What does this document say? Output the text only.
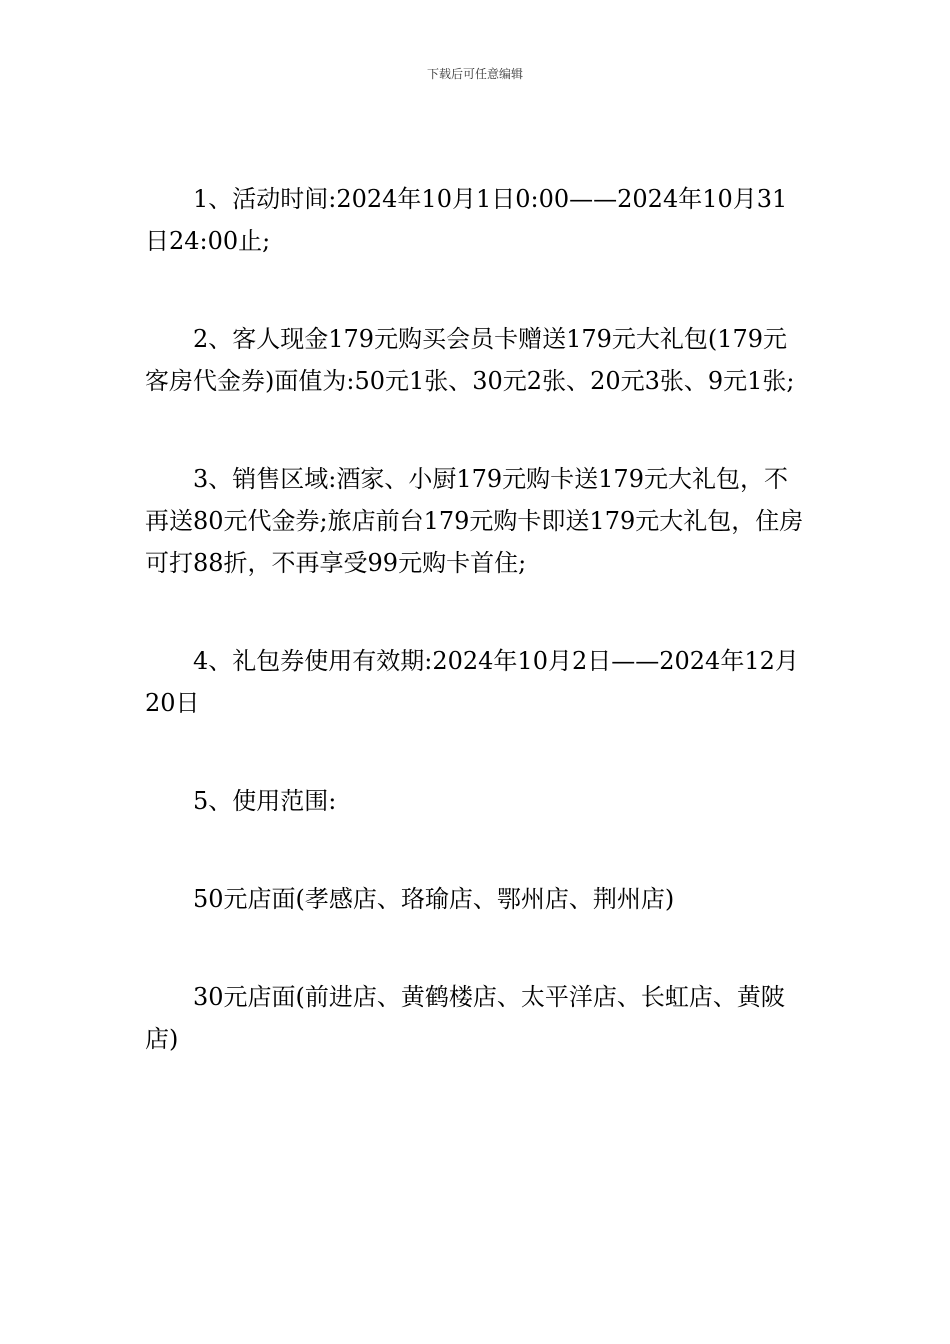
下载后可任意编辑

1、活动时间:2024年10月1日0:00——2024年10月31日24:00止;

2、客人现金179元购买会员卡赠送179元大礼包(179元客房代金券)面值为:50元1张、30元2张、20元3张、9元1张;

3、销售区域:酒家、小厨179元购卡送179元大礼包，不再送80元代金券;旅店前台179元购卡即送179元大礼包，住房可打88折，不再享受99元购卡首住;

4、礼包券使用有效期:2024年10月2日——2024年12月20日

5、使用范围:

50元店面(孝感店、珞瑜店、鄂州店、荆州店)

30元店面(前进店、黄鹤楼店、太平洋店、长虹店、黄陂店)
